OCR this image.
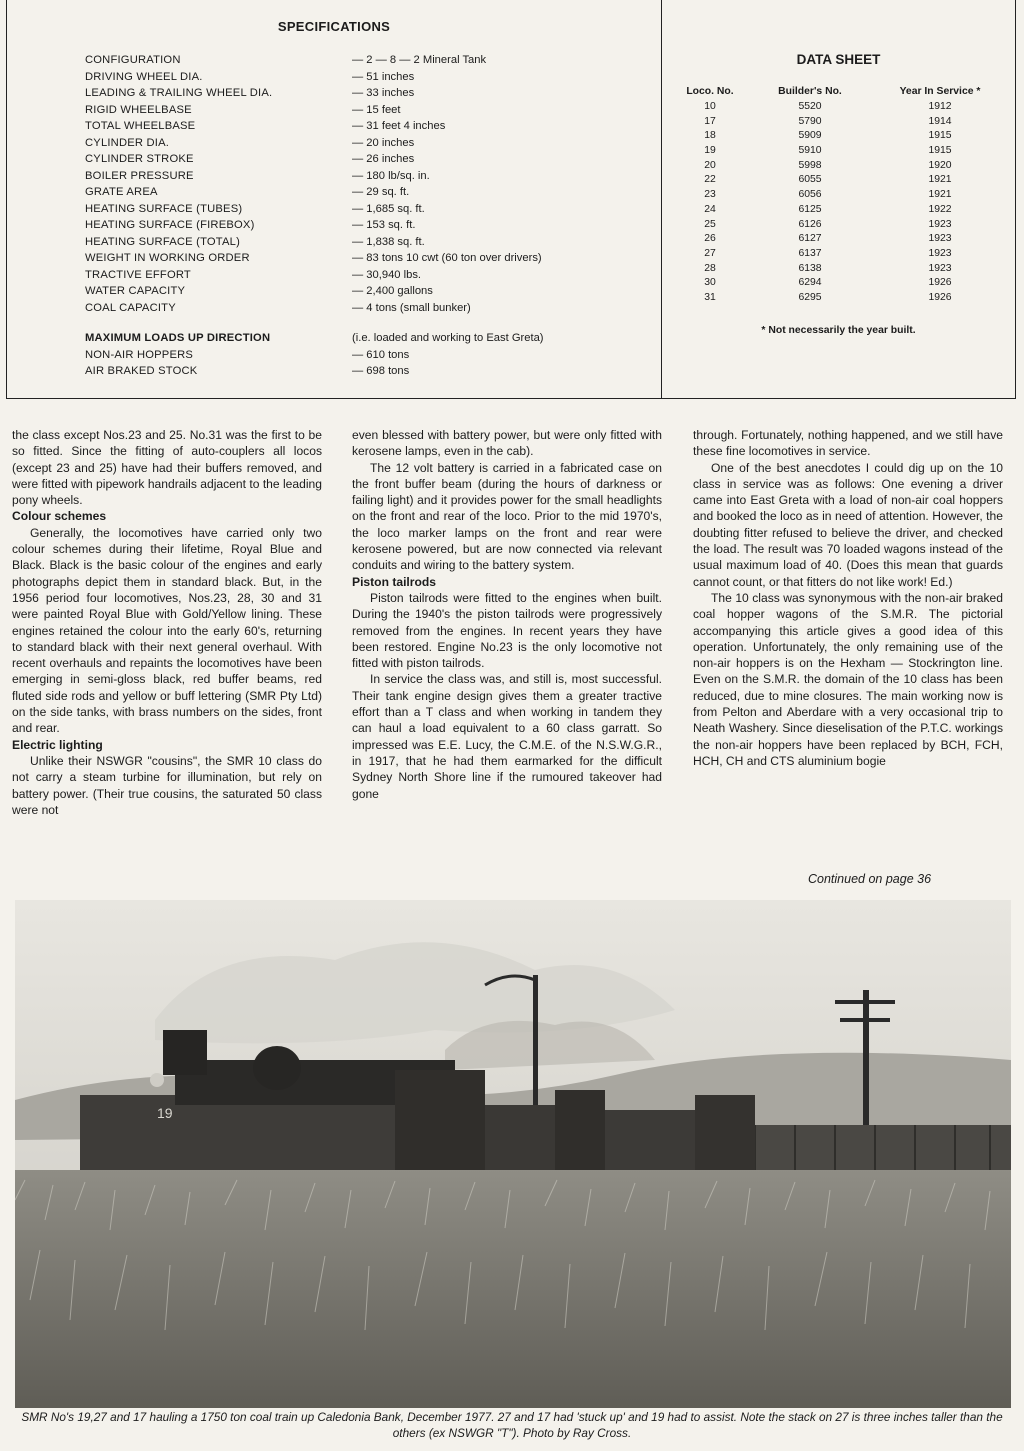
SPECIFICATIONS
CONFIGURATION	— 2 — 8 — 2 Mineral Tank
DRIVING WHEEL DIA.	— 51 inches
LEADING & TRAILING WHEEL DIA.	— 33 inches
RIGID WHEELBASE	— 15 feet
TOTAL WHEELBASE	— 31 feet 4 inches
CYLINDER DIA.	— 20 inches
CYLINDER STROKE	— 26 inches
BOILER PRESSURE	— 180 lb/sq. in.
GRATE AREA	— 29 sq. ft.
HEATING SURFACE (TUBES)	— 1,685 sq. ft.
HEATING SURFACE (FIREBOX)	— 153 sq. ft.
HEATING SURFACE (TOTAL)	— 1,838 sq. ft.
WEIGHT IN WORKING ORDER	— 83 tons 10 cwt (60 ton over drivers)
TRACTIVE EFFORT	— 30,940 lbs.
WATER CAPACITY	— 2,400 gallons
COAL CAPACITY	— 4 tons (small bunker)
MAXIMUM LOADS UP DIRECTION	(i.e. loaded and working to East Greta)
NON-AIR HOPPERS	— 610 tons
AIR BRAKED STOCK	— 698 tons
DATA SHEET
Loco. No.	Builder's No.	Year In Service *
10	5520	1912
17	5790	1914
18	5909	1915
19	5910	1915
20	5998	1920
22	6055	1921
23	6056	1921
24	6125	1922
25	6126	1923
26	6127	1923
27	6137	1923
28	6138	1923
30	6294	1926
31	6295	1926
* Not necessarily the year built.

the class except Nos.23 and 25. No.31 was the first to be so fitted. Since the fitting of auto-couplers all locos (except 23 and 25) have had their buffers removed, and were fitted with pipework handrails adjacent to the leading pony wheels.

Colour schemes

Generally, the locomotives have carried only two colour schemes during their lifetime, Royal Blue and Black. Black is the basic colour of the engines and early photographs depict them in standard black. But, in the 1956 period four locomotives, Nos.23, 28, 30 and 31 were painted Royal Blue with Gold/Yellow lining. These engines retained the colour into the early 60's, returning to standard black with their next general overhaul. With recent overhauls and repaints the locomotives have been emerging in semi-gloss black, red buffer beams, red fluted side rods and yellow or buff lettering (SMR Pty Ltd) on the side tanks, with brass numbers on the sides, front and rear.

Electric lighting

Unlike their NSWGR "cousins", the SMR 10 class do not carry a steam turbine for illumination, but rely on battery power. (Their true cousins, the saturated 50 class were not

even blessed with battery power, but were only fitted with kerosene lamps, even in the cab).

The 12 volt battery is carried in a fabricated case on the front buffer beam (during the hours of darkness or failing light) and it provides power for the small headlights on the front and rear of the loco. Prior to the mid 1970's, the loco marker lamps on the front and rear were kerosene powered, but are now connected via relevant conduits and wiring to the battery system.

Piston tailrods

Piston tailrods were fitted to the engines when built. During the 1940's the piston tailrods were progressively removed from the engines. In recent years they have been restored. Engine No.23 is the only locomotive not fitted with piston tailrods.

In service the class was, and still is, most successful. Their tank engine design gives them a greater tractive effort than a T class and when working in tandem they can haul a load equivalent to a 60 class garratt. So impressed was E.E. Lucy, the C.M.E. of the N.S.W.G.R., in 1917, that he had them earmarked for the difficult Sydney North Shore line if the rumoured takeover had gone

through. Fortunately, nothing happened, and we still have these fine locomotives in service.

One of the best anecdotes I could dig up on the 10 class in service was as follows: One evening a driver came into East Greta with a load of non-air coal hoppers and booked the loco as in need of attention. However, the doubting fitter refused to believe the driver, and checked the load. The result was 70 loaded wagons instead of the usual maximum load of 40. (Does this mean that guards cannot count, or that fitters do not like work! Ed.)

The 10 class was synonymous with the non-air braked coal hopper wagons of the S.M.R. The pictorial accompanying this article gives a good idea of this operation. Unfortunately, the only remaining use of the non-air hoppers is on the Hexham — Stockrington line. Even on the S.M.R. the domain of the 10 class has been reduced, due to mine closures. The main working now is from Pelton and Aberdare with a very occasional trip to Neath Washery. Since dieselisation of the P.T.C. workings the non-air hoppers have been replaced by BCH, FCH, HCH, CH and CTS aluminium bogie

Continued on page 36
19
SMR No's 19,27 and 17 hauling a 1750 ton coal train up Caledonia Bank, December 1977. 27 and 17 had 'stuck up' and 19 had to assist. Note the stack on 27 is three inches taller than the others (ex NSWGR "T"). Photo by Ray Cross.
